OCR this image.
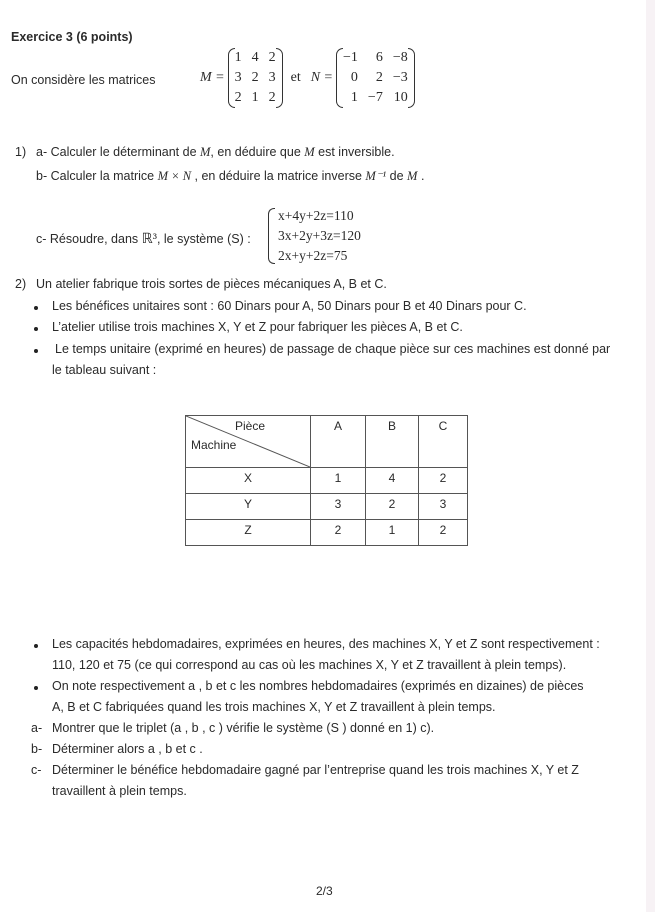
Exercice 3 (6 points)
On considère les matrices	M =
1 4 2
3 2 3
2 1 2
et N =
−1	6 −8
0	2 −3
1 −7 10
1) a- Calculer le déterminant de M, en déduire que M est inversible.
b- Calculer la matrice M × N , en déduire la matrice inverse M⁻¹ de M .
c- Résoudre, dans ℝ³, le système (S) :
x+4y+2z=110
3x+2y+3z=120
2x+y+2z=75
2) Un atelier fabrique trois sortes de pièces mécaniques A, B et C.
Les bénéfices unitaires sont : 60 Dinars pour A, 50 Dinars pour B et 40 Dinars pour C.
L’atelier utilise trois machines X, Y et Z pour fabriquer les pièces A, B et C.
Le temps unitaire (exprimé en heures) de passage de chaque pièce sur ces machines est donné par
le tableau suivant :
Pièce
Machine	A	B	C
X	1	4	2
Y	3	2	3
Z	2	1	2
Les capacités hebdomadaires, exprimées en heures, des machines X, Y et Z sont respectivement :
110, 120 et 75 (ce qui correspond au cas où les machines X, Y et Z travaillent à plein temps).
On note respectivement a , b et c les nombres hebdomadaires (exprimés en dizaines) de pièces
A, B et C fabriquées quand les trois machines X, Y et Z travaillent à plein temps.
a- Montrer que le triplet (a , b , c ) vérifie le système (S ) donné en 1) c).
b- Déterminer alors a , b et c .
c- Déterminer le bénéfice hebdomadaire gagné par l’entreprise quand les trois machines X, Y et Z
travaillent à plein temps.
2/3
